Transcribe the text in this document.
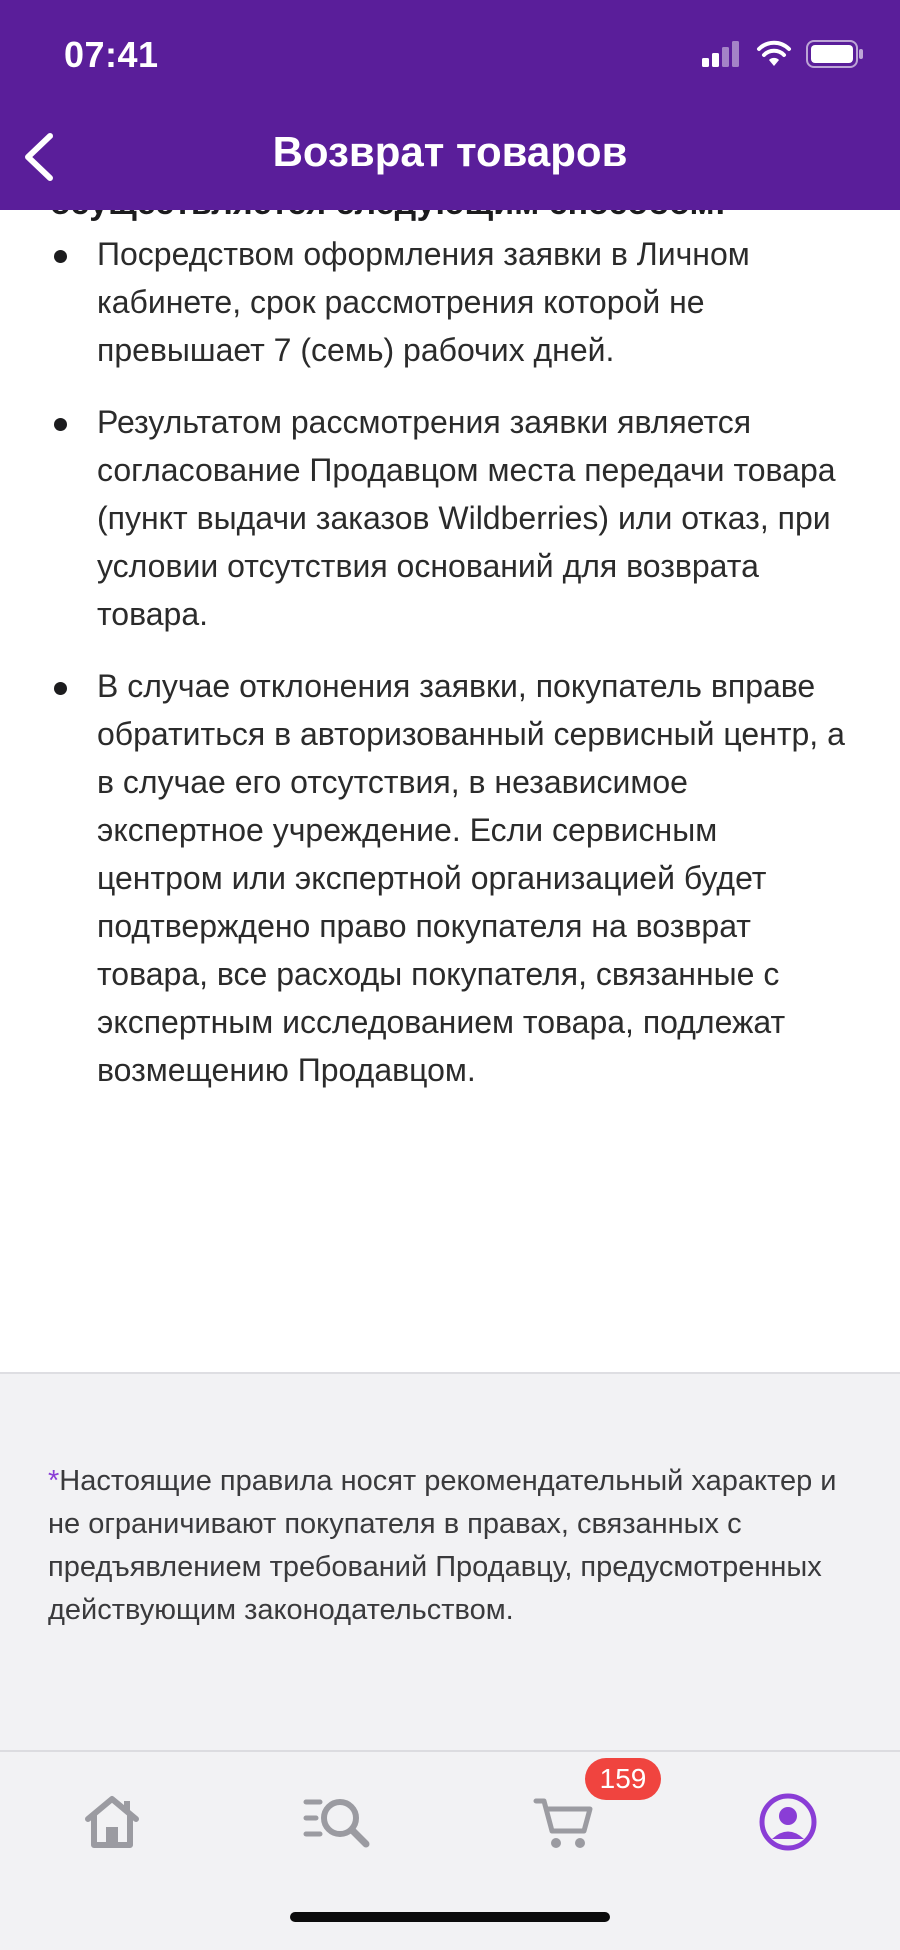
07:41
Возврат товаров

Посредством оформления заявки в Личном кабинете, срок рассмотрения которой не превышает 7 (семь) рабочих дней.

Результатом рассмотрения заявки является согласование Продавцом места передачи товара (пункт выдачи заказов Wildberries) или отказ, при условии отсутствия оснований для возврата товара.

В случае отклонения заявки, покупатель вправе обратиться в авторизованный сервисный центр, а в случае его отсутствия, в независимое экспертное учреждение. Если сервисным центром или экспертной организацией будет подтверждено право покупателя на возврат товара, все расходы покупателя, связанные с экспертным исследованием товара, подлежат возмещению Продавцом.

*Настоящие правила носят рекомендательный характер и не ограничивают покупателя в правах, связанных с предъявлением требований Продавцу, предусмотренных действующим законодательством.

159
